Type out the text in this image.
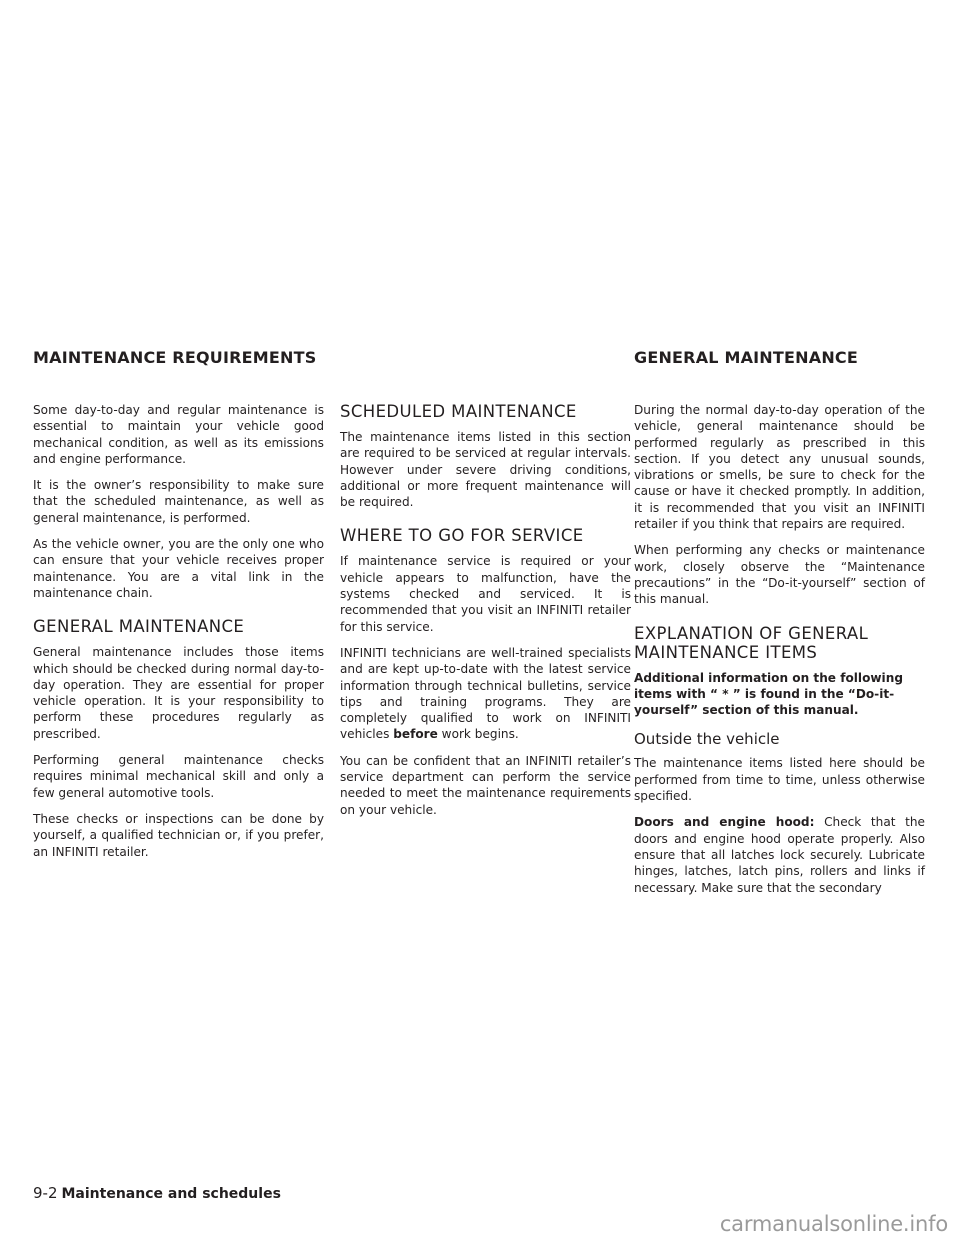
MAINTENANCE REQUIREMENTS	GENERAL MAINTENANCE

Some day-to-day and regular maintenance is essential to maintain your vehicle good mechanical condition, as well as its emissions and engine performance.

It is the owner’s responsibility to make sure that the scheduled maintenance, as well as general maintenance, is performed.

As the vehicle owner, you are the only one who can ensure that your vehicle receives proper maintenance. You are a vital link in the maintenance chain.

GENERAL MAINTENANCE

General maintenance includes those items which should be checked during normal day-to-day operation. They are essential for proper vehicle operation. It is your responsibility to perform these procedures regularly as prescribed.

Performing general maintenance checks requires minimal mechanical skill and only a few general automotive tools.

These checks or inspections can be done by yourself, a qualified technician or, if you prefer, an INFINITI retailer.

SCHEDULED MAINTENANCE

The maintenance items listed in this section are required to be serviced at regular intervals. However under severe driving conditions, additional or more frequent maintenance will be required.

WHERE TO GO FOR SERVICE

If maintenance service is required or your vehicle appears to malfunction, have the systems checked and serviced. It is recommended that you visit an INFINITI retailer for this service.

INFINITI technicians are well-trained specialists and are kept up-to-date with the latest service information through technical bulletins, service tips and training programs. They are completely qualified to work on INFINITI vehicles before work begins.

You can be confident that an INFINITI retailer’s service department can perform the service needed to meet the maintenance requirements on your vehicle.

During the normal day-to-day operation of the vehicle, general maintenance should be performed regularly as prescribed in this section. If you detect any unusual sounds, vibrations or smells, be sure to check for the cause or have it checked promptly. In addition, it is recommended that you visit an INFINITI retailer if you think that repairs are required.

When performing any checks or maintenance work, closely observe the “Maintenance precautions” in the “Do-it-yourself” section of this manual.

EXPLANATION OF GENERAL MAINTENANCE ITEMS

Additional information on the following items with “ * ” is found in the “Do-it-yourself” section of this manual.

Outside the vehicle

The maintenance items listed here should be performed from time to time, unless otherwise specified.

Doors and engine hood: Check that the doors and engine hood operate properly. Also ensure that all latches lock securely. Lubricate hinges, latches, latch pins, rollers and links if necessary. Make sure that the secondary

9-2 Maintenance and schedules
carmanualsonline.info
